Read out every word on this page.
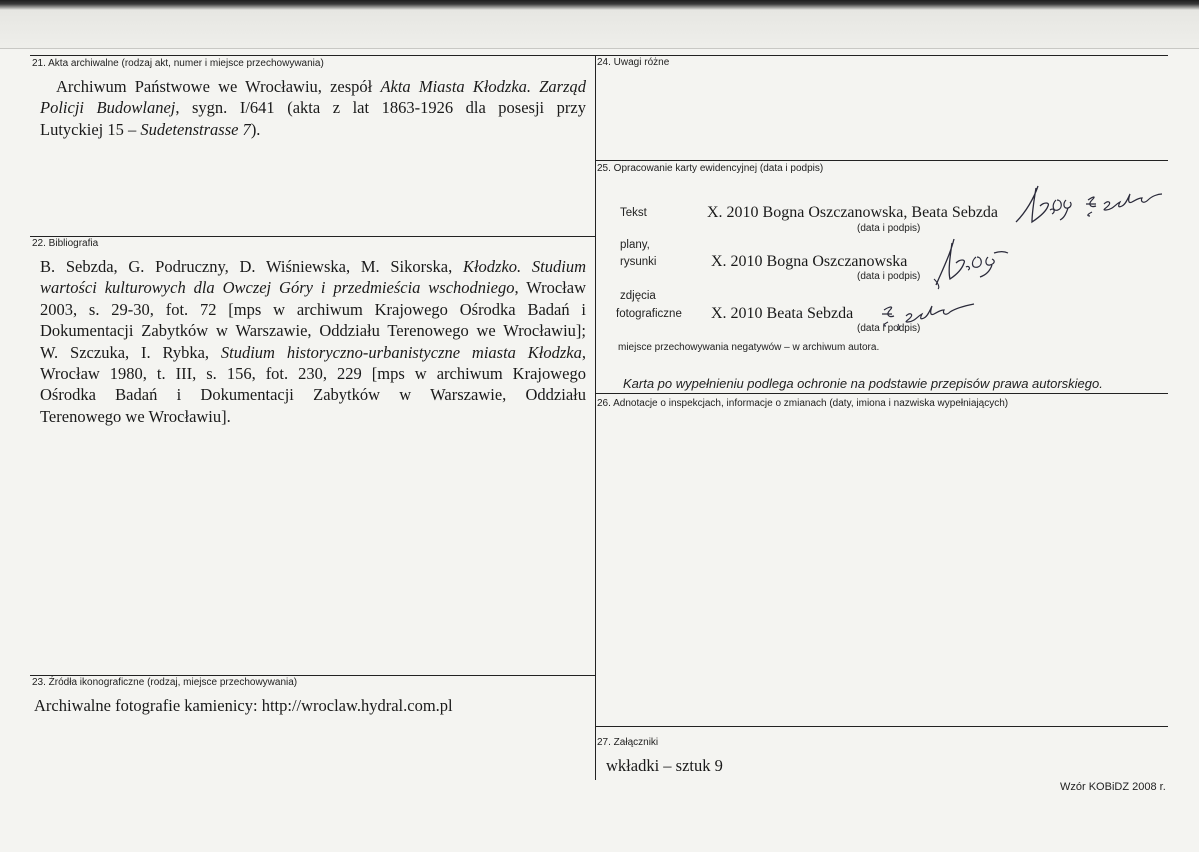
21. Akta archiwalne (rodzaj akt, numer i miejsce przechowywania)
Archiwum Państwowe we Wrocławiu, zespół Akta Miasta Kłodzka. Zarząd
Policji Budowlanej, sygn. I/641 (akta z lat 1863-1926 dla posesji przy
Lutyckiej 15 – Sudetenstrasse 7).
22. Bibliografia
B. Sebzda, G. Podruczny, D. Wiśniewska, M. Sikorska, Kłodzko. Studium
wartości kulturowych dla Owczej Góry i przedmieścia wschodniego, Wrocław
2003, s. 29-30, fot. 72 [mps w archiwum Krajowego Ośrodka Badań i
Dokumentacji Zabytków w Warszawie, Oddziału Terenowego we Wrocławiu];
W. Szczuka, I. Rybka, Studium historyczno-urbanistyczne miasta Kłodzka,
Wrocław 1980, t. III, s. 156, fot. 230, 229 [mps w archiwum Krajowego
Ośrodka Badań i Dokumentacji Zabytków w Warszawie, Oddziału
Terenowego we Wrocławiu].
23. Źródła ikonograficzne (rodzaj, miejsce przechowywania)
Archiwalne fotografie kamienicy: http://wroclaw.hydral.com.pl
24. Uwagi różne
25. Opracowanie karty ewidencyjnej (data i podpis)
Tekst	X. 2010 Bogna Oszczanowska, Beata Sebzda
(data i podpis)
plany,
rysunki	X. 2010 Bogna Oszczanowska
(data i podpis)
zdjęcia
fotograficzne X. 2010 Beata Sebzda
(data i podpis)
miejsce przechowywania negatywów – w archiwum autora.
Karta po wypełnieniu podlega ochronie na podstawie przepisów prawa autorskiego.
26. Adnotacje o inspekcjach, informacje o zmianach (daty, imiona i nazwiska wypełniających)
27. Załączniki
wkładki – sztuk 9
Wzór KOBiDZ 2008 r.
